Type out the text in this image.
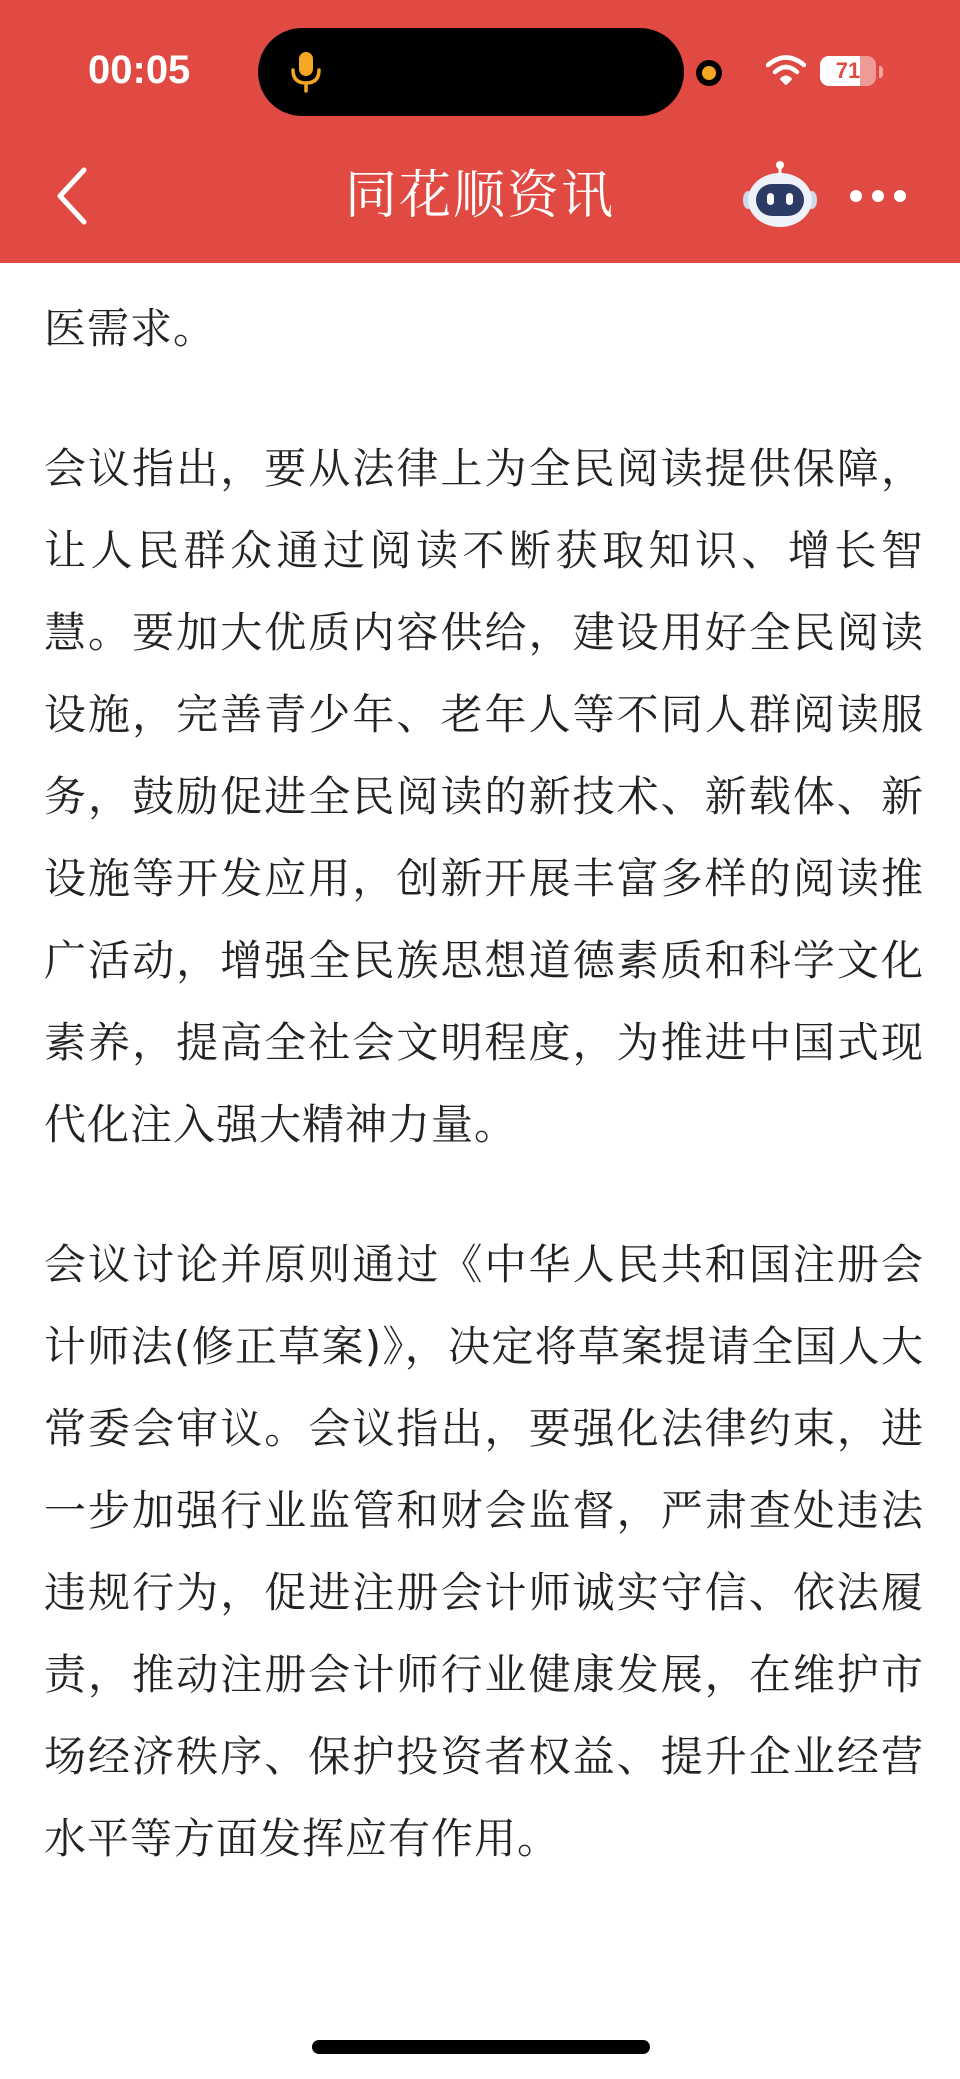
00:05	71
同花顺资讯

医需求。

会议指出，要从法律上为全民阅读提供保障，让人民群众通过阅读不断获取知识、增长智慧。要加大优质内容供给，建设用好全民阅读设施，完善青少年、老年人等不同人群阅读服务，鼓励促进全民阅读的新技术、新载体、新设施等开发应用，创新开展丰富多样的阅读推广活动，增强全民族思想道德素质和科学文化素养，提高全社会文明程度，为推进中国式现代化注入强大精神力量。

会议讨论并原则通过《中华人民共和国注册会计师法(修正草案)》，决定将草案提请全国人大常委会审议。会议指出，要强化法律约束，进一步加强行业监管和财会监督，严肃查处违法违规行为，促进注册会计师诚实守信、依法履责，推动注册会计师行业健康发展，在维护市场经济秩序、保护投资者权益、提升企业经营水平等方面发挥应有作用。
